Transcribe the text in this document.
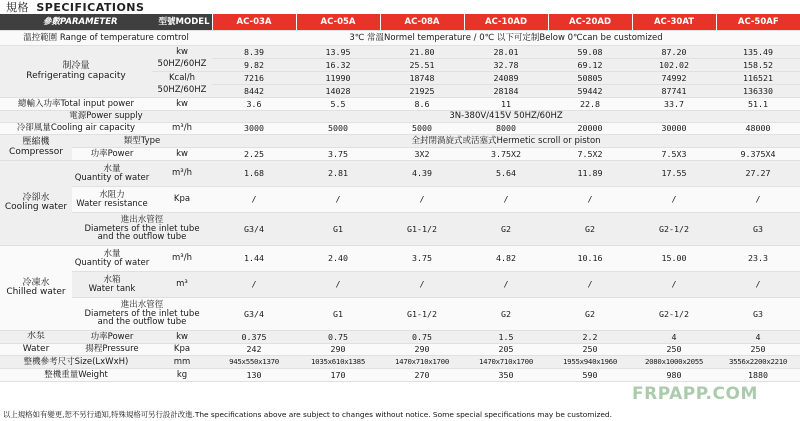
規格 SPECIFICATIONS
參數PARAMETER 型號MODEL			AC-03A	AC-05A	AC-08A	AC-10AD	AC-20AD	AC-30AT	AC-50AF
溫控範圍 Range of temperature comtrol			3℃ 常溫Normel temperature / 0℃ 以下可定制Below 0℃can be customized						
制冷量
Refrigerating capacity		kw	8.39	13.95	21.80	28.01	59.08	87.20	135.49
		50HZ/60HZ	9.82	16.32	25.51	32.78	69.12	102.02	158.52
		Kcal/h	7216	11990	18748	24089	50805	74992	116521
		50HZ/60HZ	8442	14028	21925	28184	59442	87741	136330
總輸入功率Total input power		kw	3.6	5.5	8.6	11	22.8	33.7	51.1
電源Power supply			3N-380V/415V 50HZ/60HZ						
冷卻風量Cooling air capacity		m³/h	3000	5000	5000	8000	20000	30000	48000
壓縮機
Compressor	類型Type		全封閉渦旋式或活塞式Hermetic scroll or piston						
	功率Power	kw	2.25	3.75	3X2	3.75X2	7.5X2	7.5X3	9.375X4
冷卻水
Cooling water	水量
Quantity of water	m³/h	1.68	2.81	4.39	5.64	11.89	17.55	27.27
	水阻力
Water resistance	Kpa	/	/	/	/	/	/	/
	進出水管徑
Diameters of the inlet tube
and the outflow tube		G3/4	G1	G1-1/2	G2	G2	G2-1/2	G3
冷凍水
Chilled water	水量
Quantity of water	m³/h	1.44	2.40	3.75	4.82	10.16	15.00	23.3
	水箱
Water tank	m³	/	/	/	/	/	/	/
	進出水管徑
Diameters of the inlet tube
and the outflow tube		G3/4	G1	G1-1/2	G2	G2	G2-1/2	G3
水泵	功率Power	kw	0.375	0.75	0.75	1.5	2.2	4	4
Water	揚程Pressure	Kpa	242	290	290	205	250	250	250
整機參考尺寸Size(LxWxH)		mm	945x550x1370	1035x610x1385	1470x710x1700	1470x710x1700	1955x940x1960	2080x1000x2055	3556x2200x2210
整機重量Weight		kg	130	170	270	350	590	980	1880
FRPAPP.COM
以上規格如有變更,恕不另行通知,特殊規格可另行設計改進.The specifications above are subject to changes without notice. Some special specifications may be customized.
